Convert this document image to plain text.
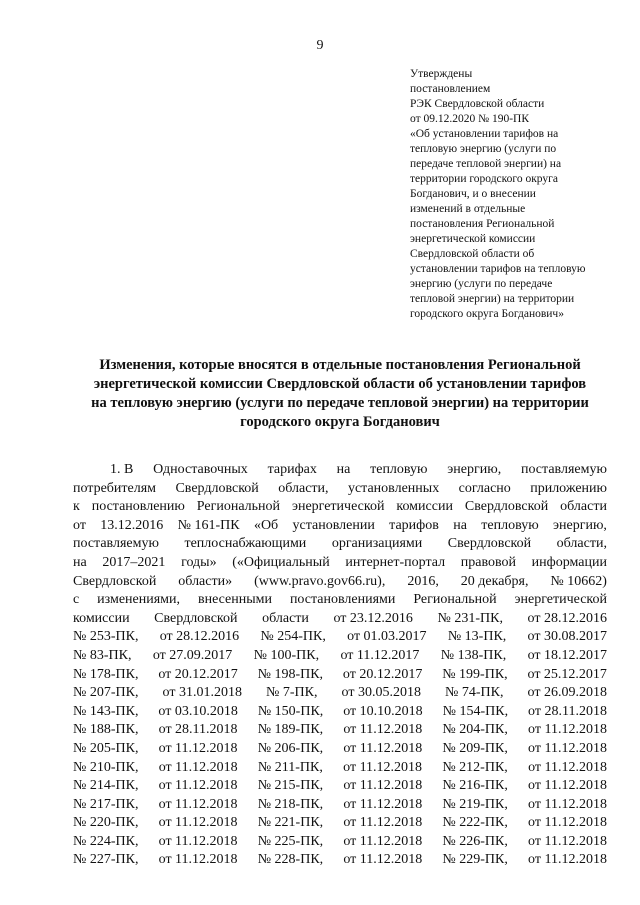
9
Утверждены
постановлением
РЭК Свердловской области
от 09.12.2020 № 190-ПК
«Об установлении тарифов на
тепловую энергию (услуги по
передаче тепловой энергии) на
территории городского округа
Богданович, и о внесении
изменений в отдельные
постановления Региональной
энергетической комиссии
Свердловской области об
установлении тарифов на тепловую
энергию (услуги по передаче
тепловой энергии) на территории
городского округа Богданович»
Изменения, которые вносятся в отдельные постановления Региональной
энергетической комиссии Свердловской области об установлении тарифов
на тепловую энергию (услуги по передаче тепловой энергии) на территории
городского округа Богданович
1. В Одноставочных тарифах на тепловую энергию, поставляемую
потребителям Свердловской области, установленных согласно приложению
к постановлению Региональной энергетической комиссии Свердловской области
от 13.12.2016 № 161-ПК «Об установлении тарифов на тепловую энергию,
поставляемую теплоснабжающими организациями Свердловской области,
на 2017–2021 годы» («Официальный интернет-портал правовой информации
Свердловской области» (www.pravo.gov66.ru), 2016, 20 декабря, № 10662)
с изменениями, внесенными постановлениями Региональной энергетической
комиссии Свердловской области от 23.12.2016 № 231-ПК, от 28.12.2016
№ 253-ПК, от 28.12.2016 № 254-ПК, от 01.03.2017 № 13-ПК, от 30.08.2017
№ 83-ПК, от 27.09.2017 № 100-ПК, от 11.12.2017 № 138-ПК, от 18.12.2017
№ 178-ПК, от 20.12.2017 № 198-ПК, от 20.12.2017 № 199-ПК, от 25.12.2017
№ 207-ПК, от 31.01.2018 № 7-ПК, от 30.05.2018 № 74-ПК, от 26.09.2018
№ 143-ПК, от 03.10.2018 № 150-ПК, от 10.10.2018 № 154-ПК, от 28.11.2018
№ 188-ПК, от 28.11.2018 № 189-ПК, от 11.12.2018 № 204-ПК, от 11.12.2018
№ 205-ПК, от 11.12.2018 № 206-ПК, от 11.12.2018 № 209-ПК, от 11.12.2018
№ 210-ПК, от 11.12.2018 № 211-ПК, от 11.12.2018 № 212-ПК, от 11.12.2018
№ 214-ПК, от 11.12.2018 № 215-ПК, от 11.12.2018 № 216-ПК, от 11.12.2018
№ 217-ПК, от 11.12.2018 № 218-ПК, от 11.12.2018 № 219-ПК, от 11.12.2018
№ 220-ПК, от 11.12.2018 № 221-ПК, от 11.12.2018 № 222-ПК, от 11.12.2018
№ 224-ПК, от 11.12.2018 № 225-ПК, от 11.12.2018 № 226-ПК, от 11.12.2018
№ 227-ПК, от 11.12.2018 № 228-ПК, от 11.12.2018 № 229-ПК, от 11.12.2018
